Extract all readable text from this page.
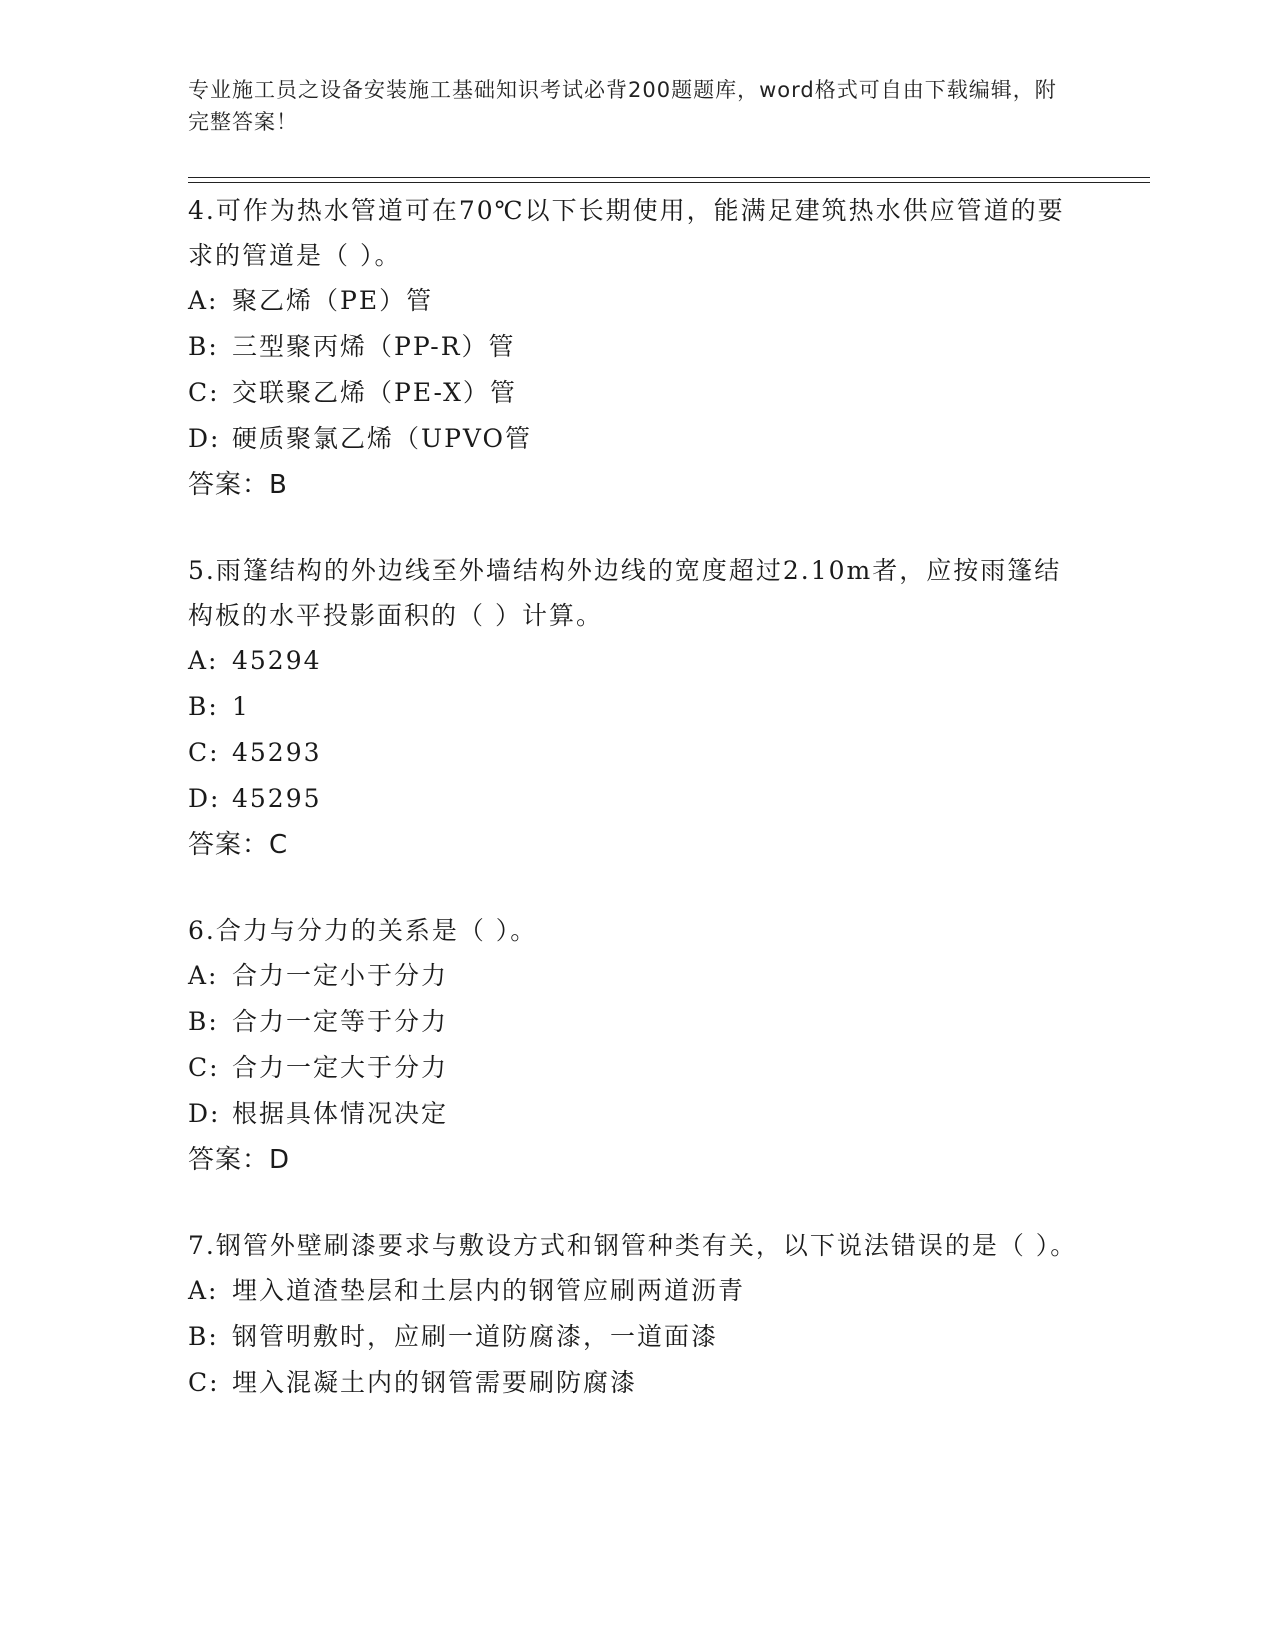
专业施工员之设备安装施工基础知识考试必背200题题库，word格式可自由下载编辑，附完整答案！

4.可作为热水管道可在70℃以下长期使用，能满足建筑热水供应管道的要求的管道是（ ）。

A: 聚乙烯（PE）管

B: 三型聚丙烯（PP-R）管

C: 交联聚乙烯（PE-X）管

D: 硬质聚氯乙烯（UPVO管

答案：B

5.雨篷结构的外边线至外墙结构外边线的宽度超过2.10m者，应按雨篷结构板的水平投影面积的（ ）计算。

A: 45294

B: 1

C: 45293

D: 45295

答案：C

6.合力与分力的关系是（ ）。

A: 合力一定小于分力

B: 合力一定等于分力

C: 合力一定大于分力

D: 根据具体情况决定

答案：D

7.钢管外壁刷漆要求与敷设方式和钢管种类有关，以下说法错误的是（ ）。

A: 埋入道渣垫层和土层内的钢管应刷两道沥青

B: 钢管明敷时，应刷一道防腐漆，一道面漆

C: 埋入混凝土内的钢管需要刷防腐漆
